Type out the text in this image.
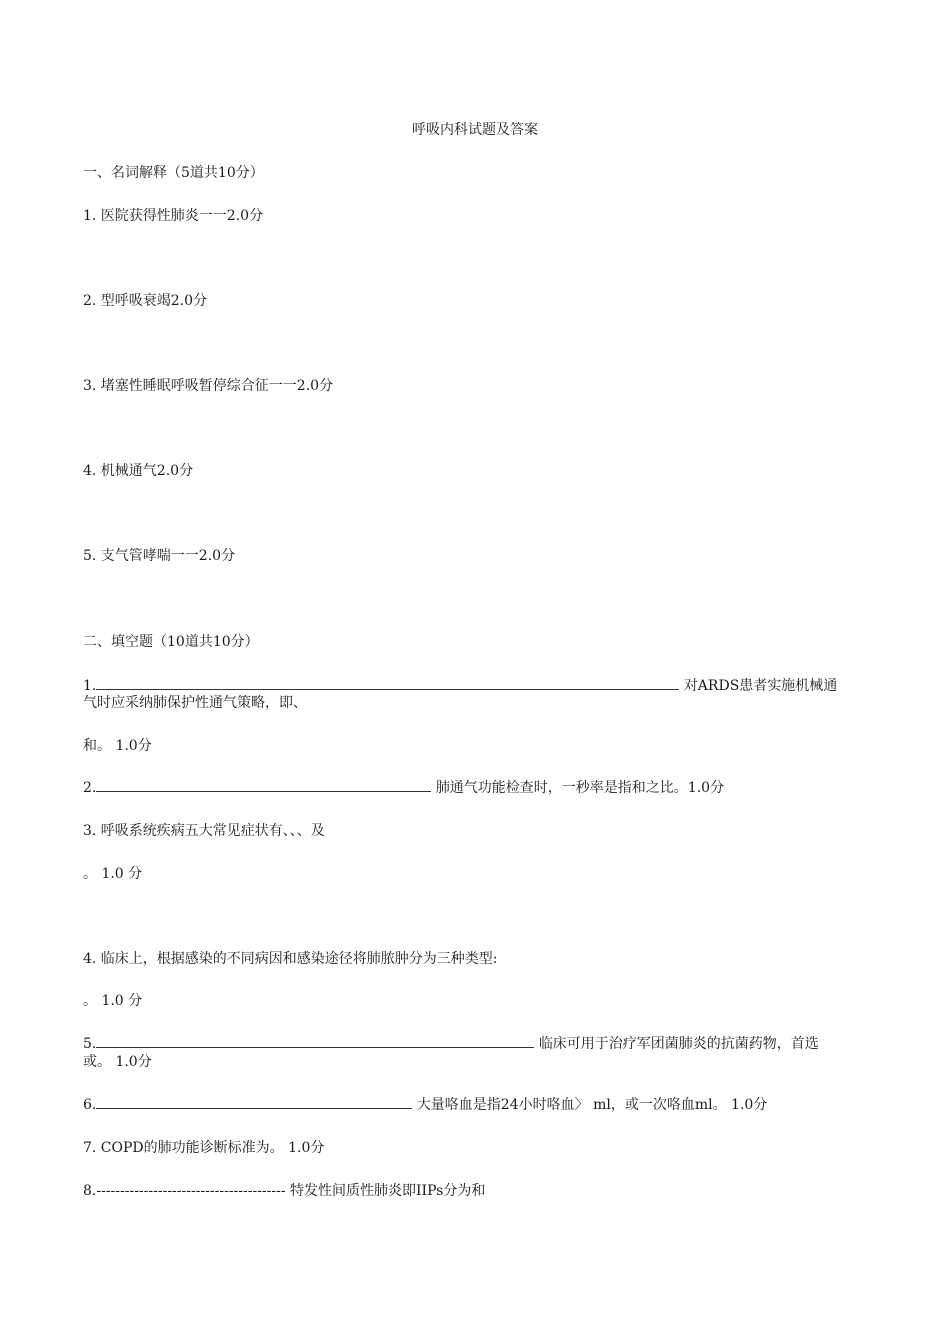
呼吸内科试题及答案
一、名词解释（5道共10分）
1. 医院获得性肺炎一一2.0分
2. 型呼吸衰竭2.0分
3. 堵塞性睡眠呼吸暂停综合征一一2.0分
4. 机械通气2.0分
5. 支气管哮喘一一2.0分
二、填空题（10道共10分）
1.	对ARDS患者实施机械通
气时应采纳肺保护性通气策略，即、
和。 1.0分
2.	肺通气功能检查时，一秒率是指和之比。1.0分
3. 呼吸系统疾病五大常见症状有、、、及
。 1.0 分
4. 临床上，根据感染的不同病因和感染途径将肺脓肿分为三种类型:
。 1.0 分
5.	临床可用于治疗军团菌肺炎的抗菌药物，首选
或。 1.0分
6.	大量咯血是指24小时咯血〉 ml，或一次咯血ml。 1.0分
7. COPD的肺功能诊断标准为。 1.0分
8.---------------------------------------- 特发性间质性肺炎即IIPs分为和
